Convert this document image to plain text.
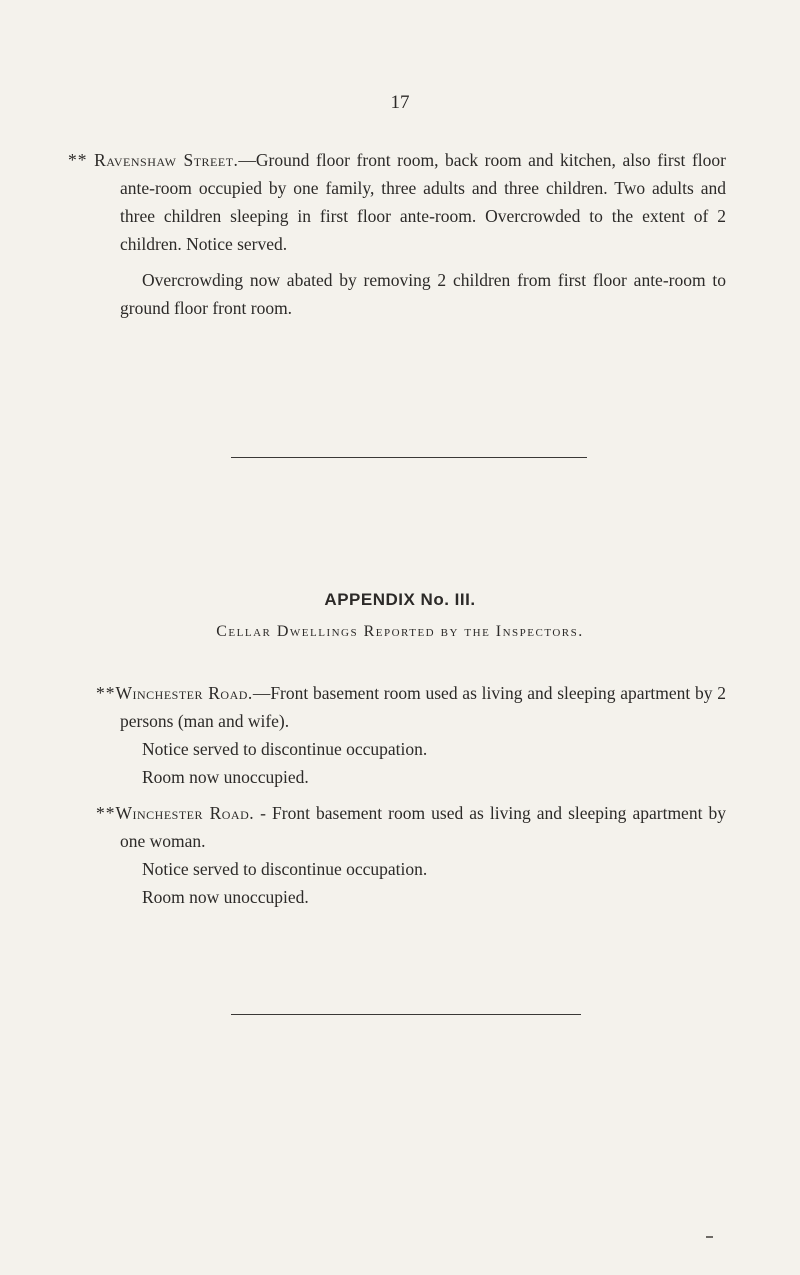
17

** Ravenshaw Street.—Ground floor front room, back room and kitchen, also first floor ante-room occupied by one family, three adults and three children. Two adults and three children sleeping in first floor ante-room. Overcrowded to the extent of 2 children. Notice served.

Overcrowding now abated by removing 2 children from first floor ante-room to ground floor front room.

APPENDIX No. III.
Cellar Dwellings Reported by the Inspectors.

**Winchester Road.—Front basement room used as living and sleeping apartment by 2 persons (man and wife).

Notice served to discontinue occupation.

Room now unoccupied.

**Winchester Road. - Front basement room used as living and sleeping apartment by one woman.

Notice served to discontinue occupation.

Room now unoccupied.
